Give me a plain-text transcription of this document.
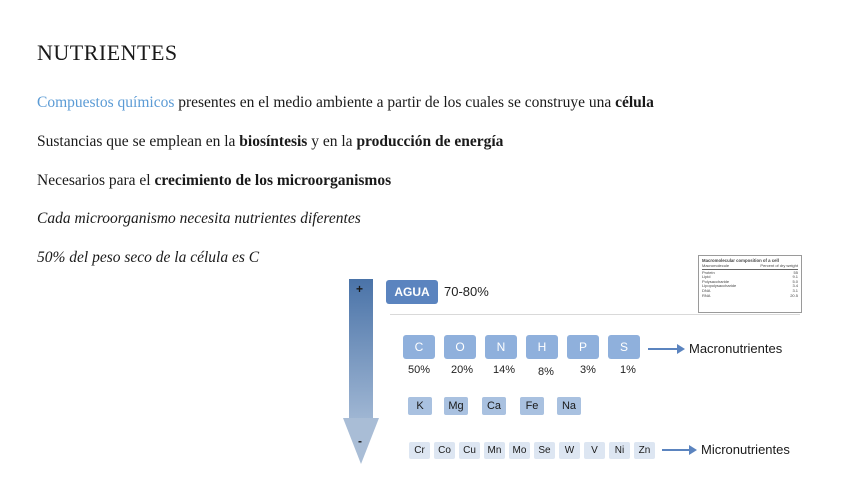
NUTRIENTES
Compuestos químicos presentes en el medio ambiente a partir de los cuales se construye una célula
Sustancias que se emplean en la biosíntesis y en la producción de energía
Necesarios para el crecimiento de los microorganismos
Cada microorganismo necesita nutrientes diferentes
50% del peso seco de la célula es C
+
-
AGUA	70-80%
C	O	N	H	P	S
50%	20%	14%	8%	3%	1%
Macronutrientes
K	Mg	Ca	Fe	Na
Cr	Co	Cu	Mn	Mo	Se	W	V	Ni	Zn	Micronutrientes
Macromolecular composition of a cell
Macromolecule	Percent of dry weight
Protein	55
Lipid	9.1
Polysaccharide	5.0
Lipopolysaccharide	3.4
DNA	3.1
RNA	20.5
